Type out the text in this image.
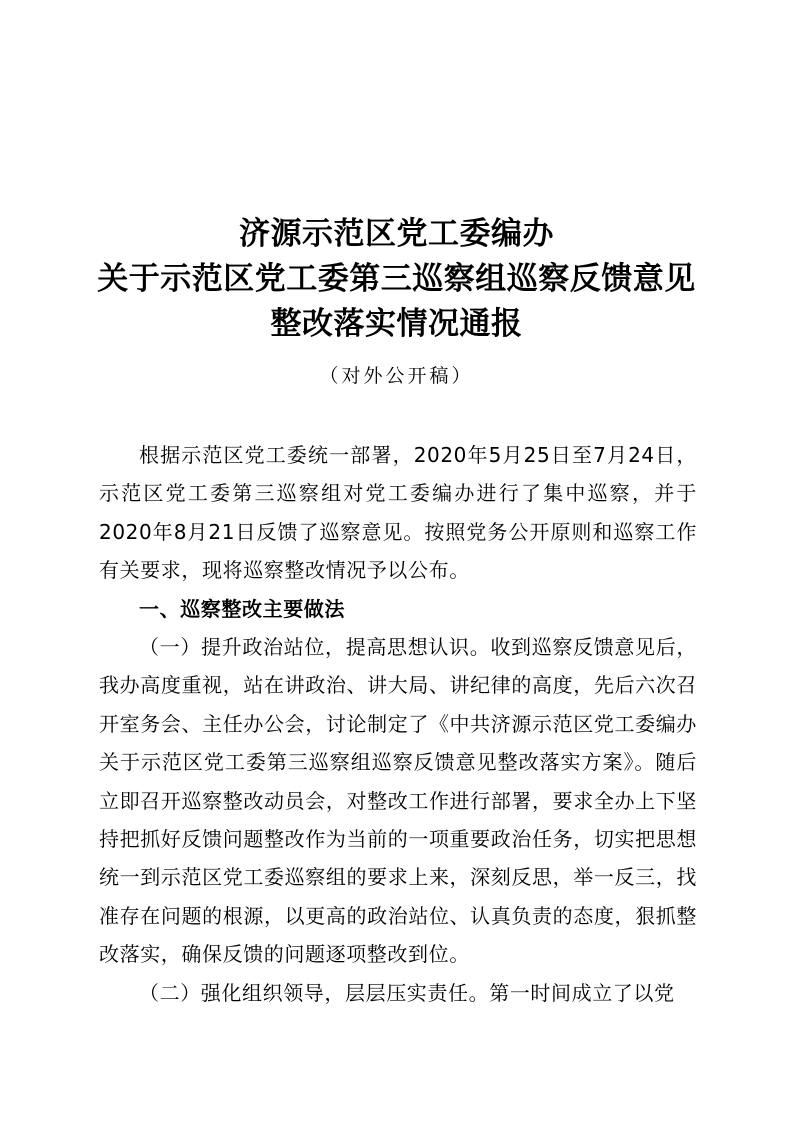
济源示范区党工委编办
关于示范区党工委第三巡察组巡察反馈意见
整改落实情况通报
（对外公开稿）

根据示范区党工委统一部署，2020年5月25日至7月24日，示范区党工委第三巡察组对党工委编办进行了集中巡察，并于2020年8月21日反馈了巡察意见。按照党务公开原则和巡察工作有关要求，现将巡察整改情况予以公布。

一、巡察整改主要做法

（一）提升政治站位，提高思想认识。收到巡察反馈意见后，我办高度重视，站在讲政治、讲大局、讲纪律的高度，先后六次召开室务会、主任办公会，讨论制定了《中共济源示范区党工委编办关于示范区党工委第三巡察组巡察反馈意见整改落实方案》。随后立即召开巡察整改动员会，对整改工作进行部署，要求全办上下坚持把抓好反馈问题整改作为当前的一项重要政治任务，切实把思想统一到示范区党工委巡察组的要求上来，深刻反思，举一反三，找准存在问题的根源，以更高的政治站位、认真负责的态度，狠抓整改落实，确保反馈的问题逐项整改到位。

（二）强化组织领导，层层压实责任。第一时间成立了以党
